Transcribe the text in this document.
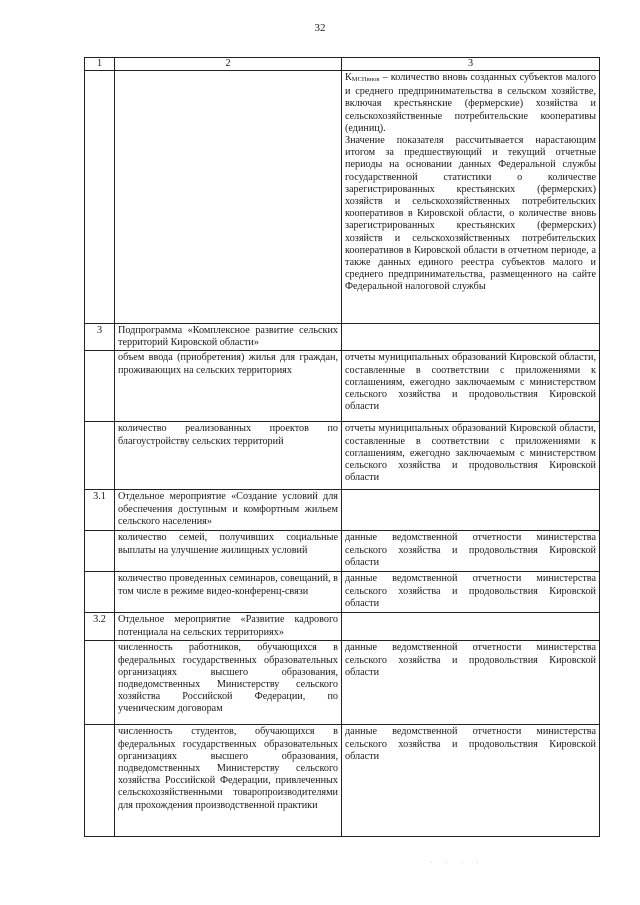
32
1	2	3

		КМСПвнов – количество вновь созданных субъектов малого и среднего предпринимательства в сельском хозяйстве, включая крестьянские (фермерские) хозяйства и сельскохозяйственные потребительские кооперативы (единиц).
Значение показателя рассчитывается нарастающим итогом за предшествующий и текущий отчетные периоды на основании данных Федеральной службы государственной статистики о количестве зарегистрированных крестьянских (фермерских) хозяйств и сельскохозяйственных потребительских кооперативов в Кировской области, о количестве вновь зарегистрированных крестьянских (фермерских) хозяйств и сельскохозяйственных потребительских кооперативов в Кировской области в отчетном периоде, а также данных единого реестра субъектов малого и среднего предпринимательства, размещенного на сайте Федеральной налоговой службы

3	Подпрограмма «Комплексное развитие сельских территорий Кировской области»	
	объем ввода (приобретения) жилья для граждан, проживающих на сельских территориях	отчеты муниципальных образований Кировской области, составленные в соответствии с приложениями к соглашениям, ежегодно заключаемым с министерством сельского хозяйства и продовольствия Кировской области
	количество реализованных проектов по благоустройству сельских территорий	отчеты муниципальных образований Кировской области, составленные в соответствии с приложениями к соглашениям, ежегодно заключаемым с министерством сельского хозяйства и продовольствия Кировской области
3.1	Отдельное мероприятие «Создание условий для обеспечения доступным и комфортным жильем сельского населения»	
	количество семей, получивших социальные выплаты на улучшение жилищных условий	данные ведомственной отчетности министерства сельского хозяйства и продовольствия Кировской области
	количество проведенных семинаров, совещаний, в том числе в режиме видео-конференц-связи	данные ведомственной отчетности министерства сельского хозяйства и продовольствия Кировской области
3.2	Отдельное мероприятие «Развитие кадрового потенциала на сельских территориях»	
	численность работников, обучающихся в федеральных государственных образовательных организациях высшего образования, подведомственных Министерству сельского хозяйства Российской Федерации, по ученическим договорам	данные ведомственной отчетности министерства сельского хозяйства и продовольствия Кировской области
	численность студентов, обучающихся в федеральных государственных образовательных организациях высшего образования, подведомственных Министерству сельского хозяйства Российской Федерации, привлеченных сельскохозяйственными товаропроизводителями для прохождения производственной практики	данные ведомственной отчетности министерства сельского хозяйства и продовольствия Кировской области
· · · ·
